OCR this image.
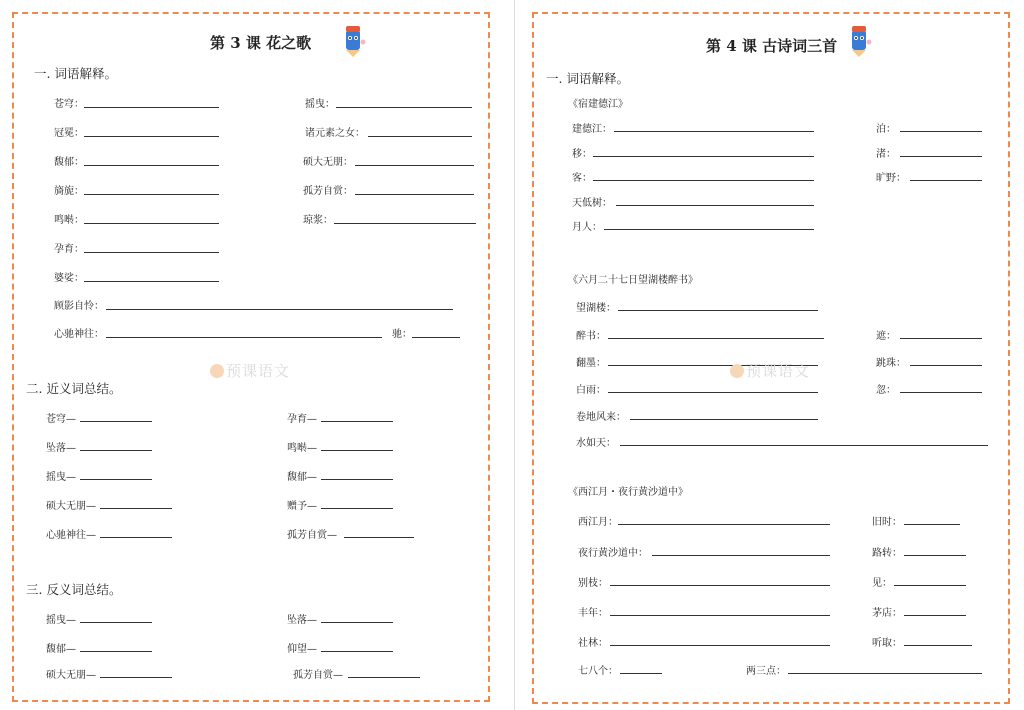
第 3 课 花之歌
一. 词语解释。
苍穹：	摇曳：
冠冕：	诸元素之女：
馥郁：	硕大无朋：
旖旎：	孤芳自赏：
鸣啭：	琼浆：
孕育：
婆娑：
顾影自怜：
心驰神往：	驰：
预课语文
二. 近义词总结。
苍穹—	孕育—
坠落—	鸣啭—
摇曳—	馥郁—
硕大无朋—	赠予—
心驰神往—	孤芳自赏—
三. 反义词总结。
摇曳—	坠落—
馥郁—	仰望—
硕大无朋—	孤芳自赏—
第 4 课 古诗词三首
一. 词语解释。
《宿建德江》
建德江：	泊：
移：	渚：
客：	旷野：
天低树：
月人：
《六月二十七日望湖楼醉书》
望湖楼：
醉书：	遮：
翻墨：	跳珠：
白雨：	忽：
卷地风来：
水如天：
《西江月・夜行黄沙道中》
西江月：	旧时：
夜行黄沙道中：	路转：
别枝：	见：
丰年：	茅店：
社林：	听取：
七八个：	两三点：
预课语文
